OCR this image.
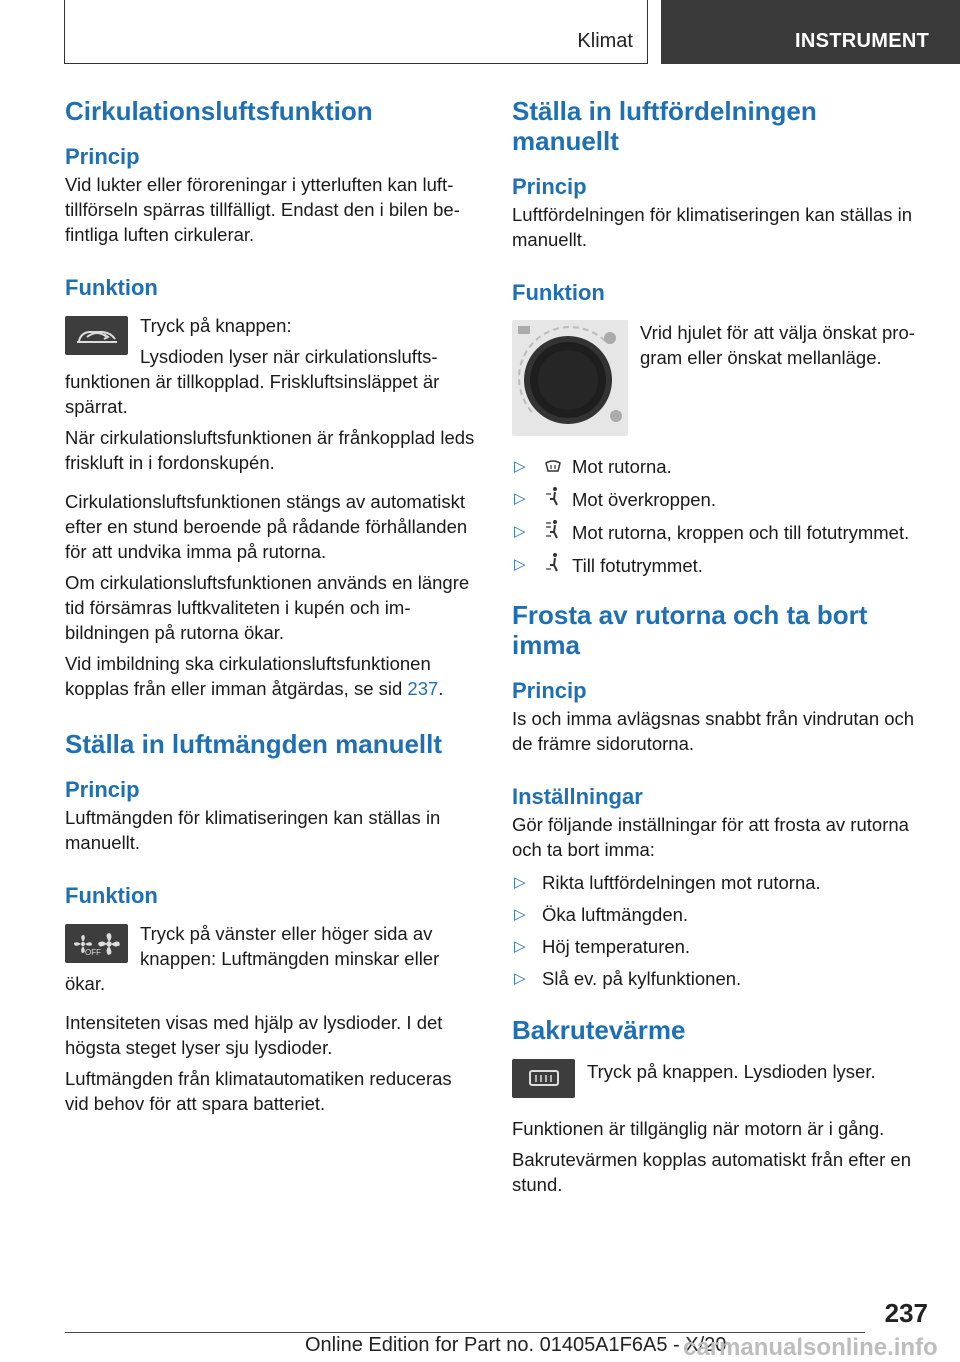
Klimat	INSTRUMENT
Cirkulationsluftsfunktion
Princip

Vid lukter eller föroreningar i ytterluften kan lufttillförseln spärras tillfälligt. Endast den i bilen befintliga luften cirkulerar.

Funktion

Tryck på knappen:

Lysdioden lyser när cirkulationsluftsfunktionen är tillkopplad. Friskluftsinsläppet är spärrat.

När cirkulationsluftsfunktionen är frånkopplad leds friskluft in i fordonskupén.

Cirkulationsluftsfunktionen stängs av automatiskt efter en stund beroende på rådande förhållanden för att undvika imma på rutorna.

Om cirkulationsluftsfunktionen används en längre tid försämras luftkvaliteten i kupén och imbildningen på rutorna ökar.

Vid imbildning ska cirkulationsluftsfunktionen kopplas från eller imman åtgärdas, se sid 237.

Ställa in luftmängden manuellt
Princip

Luftmängden för klimatiseringen kan ställas in manuellt.

Funktion
OFF

Tryck på vänster eller höger sida av knappen: Luftmängden minskar eller ökar.

Intensiteten visas med hjälp av lysdioder. I det högsta steget lyser sju lysdioder.

Luftmängden från klimatautomatiken reduceras vid behov för att spara batteriet.

Ställa in luftfördelningen manuellt
Princip

Luftfördelningen för klimatiseringen kan ställas in manuellt.

Funktion

Vrid hjulet för att välja önskat program eller önskat mellanläge.

▷	Mot rutorna.
▷	Mot överkroppen.
▷	Mot rutorna, kroppen och till fotutrymmet.
▷	Till fotutrymmet.
Frosta av rutorna och ta bort imma
Princip

Is och imma avlägsnas snabbt från vindrutan och de främre sidorutorna.

Inställningar

Gör följande inställningar för att frosta av rutorna och ta bort imma:

▷ Rikta luftfördelningen mot rutorna.
▷ Öka luftmängden.
▷ Höj temperaturen.
▷ Slå ev. på kylfunktionen.
Bakrutevärme

Tryck på knappen. Lysdioden lyser.

Funktionen är tillgänglig när motorn är i gång.

Bakrutevärmen kopplas automatiskt från efter en stund.

237
Online Edition for Part no. 01405A1F6A5 - X/20
carmanualsonline.info
